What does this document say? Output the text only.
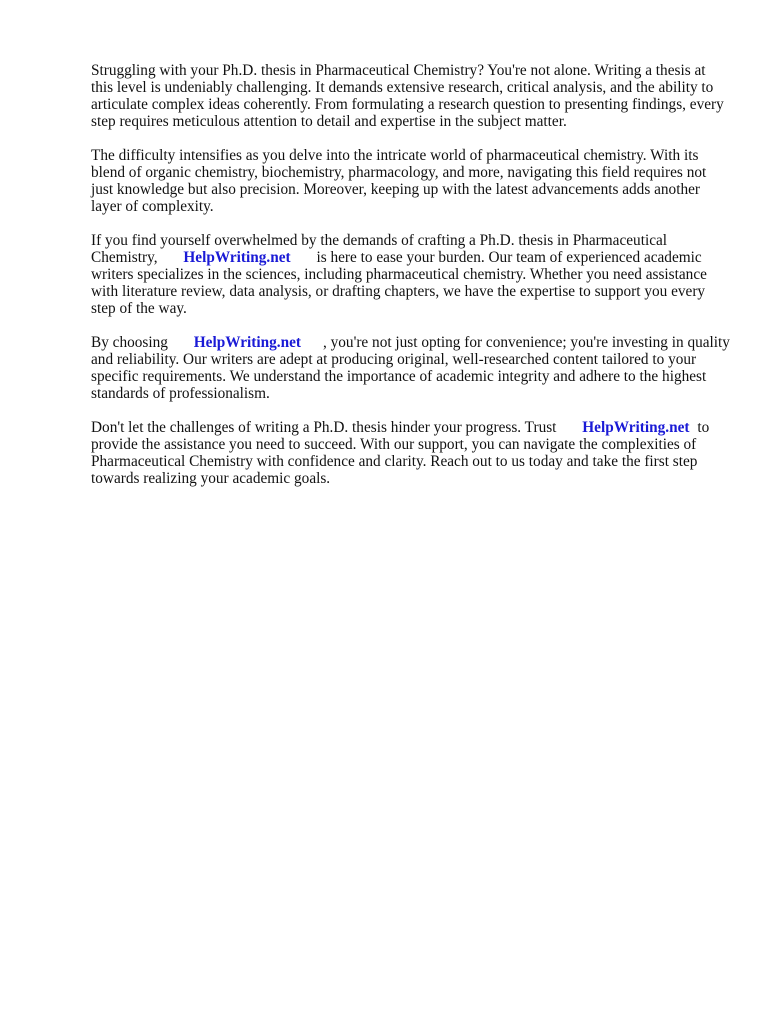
Struggling with your Ph.D. thesis in Pharmaceutical Chemistry? You're not alone. Writing a thesis at this level is undeniably challenging. It demands extensive research, critical analysis, and the ability to articulate complex ideas coherently. From formulating a research question to presenting findings, every step requires meticulous attention to detail and expertise in the subject matter.

The difficulty intensifies as you delve into the intricate world of pharmaceutical chemistry. With its blend of organic chemistry, biochemistry, pharmacology, and more, navigating this field requires not just knowledge but also precision. Moreover, keeping up with the latest advancements adds another layer of complexity.

If you find yourself overwhelmed by the demands of crafting a Ph.D. thesis in Pharmaceutical Chemistry, HelpWriting.net is here to ease your burden. Our team of experienced academic writers specializes in the sciences, including pharmaceutical chemistry. Whether you need assistance with literature review, data analysis, or drafting chapters, we have the expertise to support you every step of the way.

By choosing HelpWriting.net , you're not just opting for convenience; you're investing in quality and reliability. Our writers are adept at producing original, well-researched content tailored to your specific requirements. We understand the importance of academic integrity and adhere to the highest standards of professionalism.

Don't let the challenges of writing a Ph.D. thesis hinder your progress. Trust HelpWriting.net to provide the assistance you need to succeed. With our support, you can navigate the complexities of Pharmaceutical Chemistry with confidence and clarity. Reach out to us today and take the first step towards realizing your academic goals.
